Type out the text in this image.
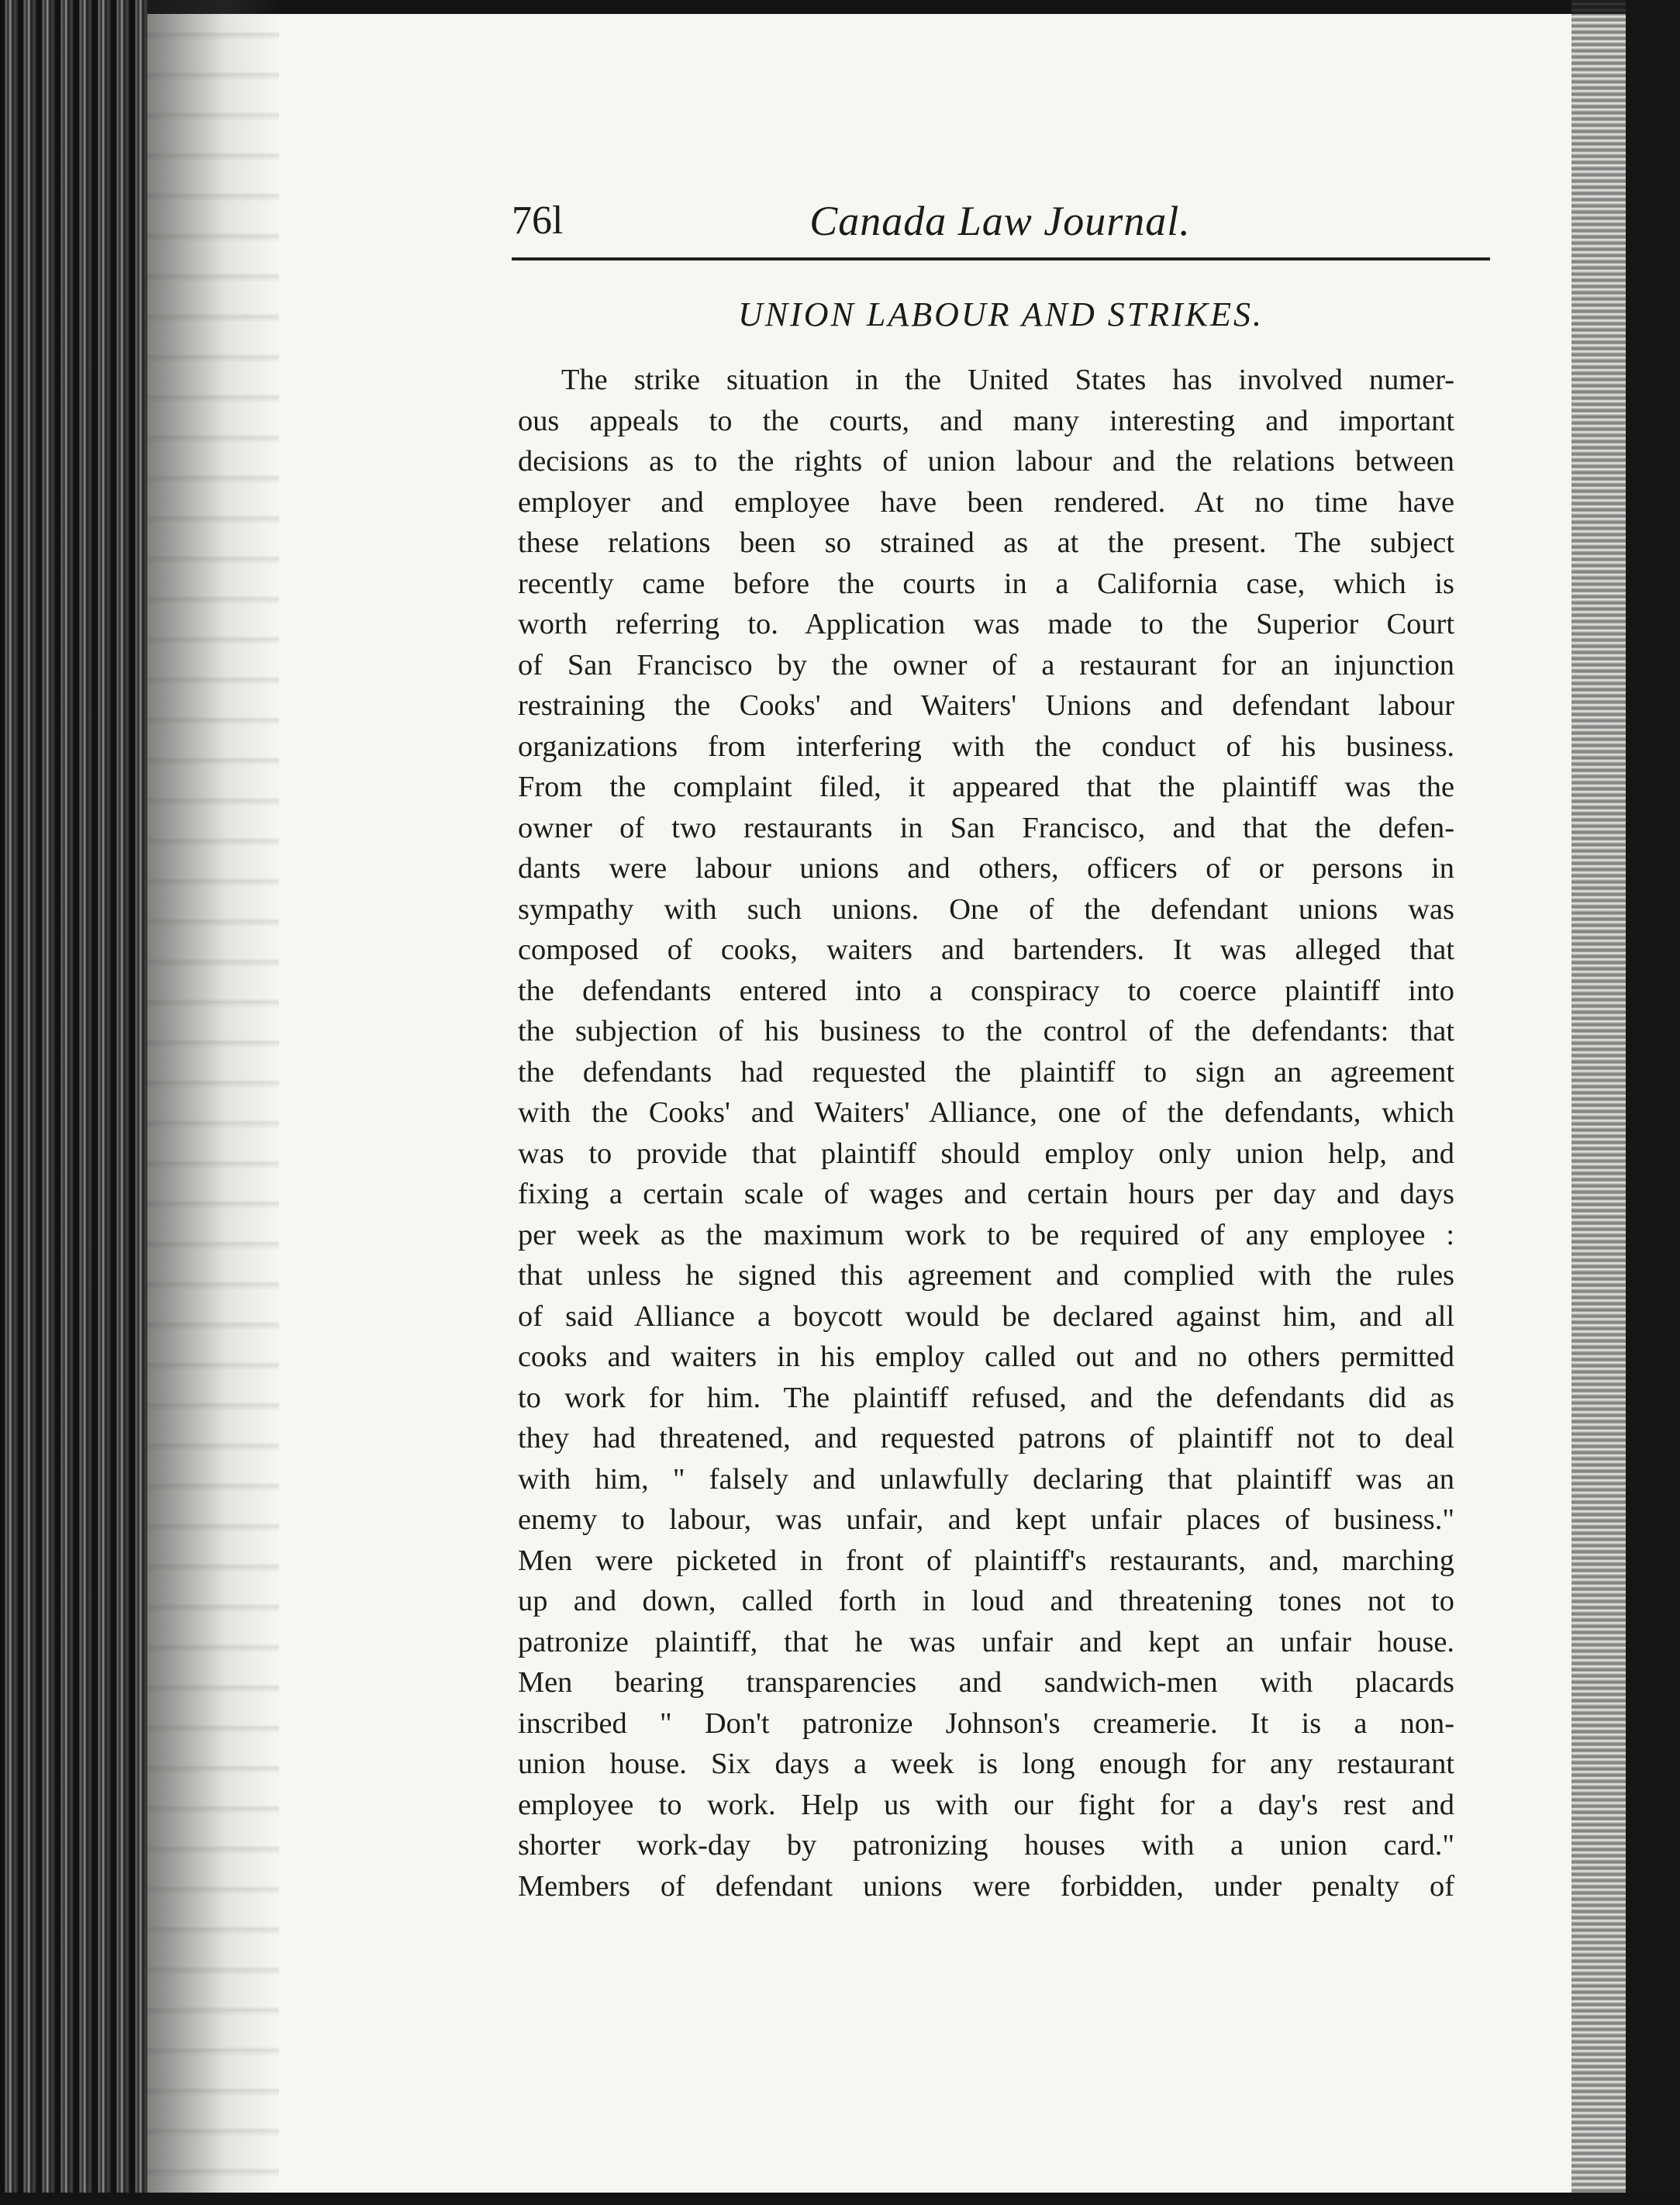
76l	Canada Law Journal.
UNION LABOUR AND STRIKES.
The strike situation in the United States has involved numer-
ous appeals to the courts, and many interesting and important
decisions as to the rights of union labour and the relations between
employer and employee have been rendered. At no time have
these relations been so strained as at the present. The subject
recently came before the courts in a California case, which is
worth referring to. Application was made to the Superior Court
of San Francisco by the owner of a restaurant for an injunction
restraining the Cooks' and Waiters' Unions and defendant labour
organizations from interfering with the conduct of his business.
From the complaint filed, it appeared that the plaintiff was the
owner of two restaurants in San Francisco, and that the defen-
dants were labour unions and others, officers of or persons in
sympathy with such unions. One of the defendant unions was
composed of cooks, waiters and bartenders. It was alleged that
the defendants entered into a conspiracy to coerce plaintiff into
the subjection of his business to the control of the defendants: that
the defendants had requested the plaintiff to sign an agreement
with the Cooks' and Waiters' Alliance, one of the defendants, which
was to provide that plaintiff should employ only union help, and
fixing a certain scale of wages and certain hours per day and days
per week as the maximum work to be required of any employee :
that unless he signed this agreement and complied with the rules
of said Alliance a boycott would be declared against him, and all
cooks and waiters in his employ called out and no others permitted
to work for him. The plaintiff refused, and the defendants did as
they had threatened, and requested patrons of plaintiff not to deal
with him, " falsely and unlawfully declaring that plaintiff was an
enemy to labour, was unfair, and kept unfair places of business."
Men were picketed in front of plaintiff's restaurants, and, marching
up and down, called forth in loud and threatening tones not to
patronize plaintiff, that he was unfair and kept an unfair house.
Men bearing transparencies and sandwich-men with placards
inscribed " Don't patronize Johnson's creamerie. It is a non-
union house. Six days a week is long enough for any restaurant
employee to work. Help us with our fight for a day's rest and
shorter work-day by patronizing houses with a union card."
Members of defendant unions were forbidden, under penalty of
